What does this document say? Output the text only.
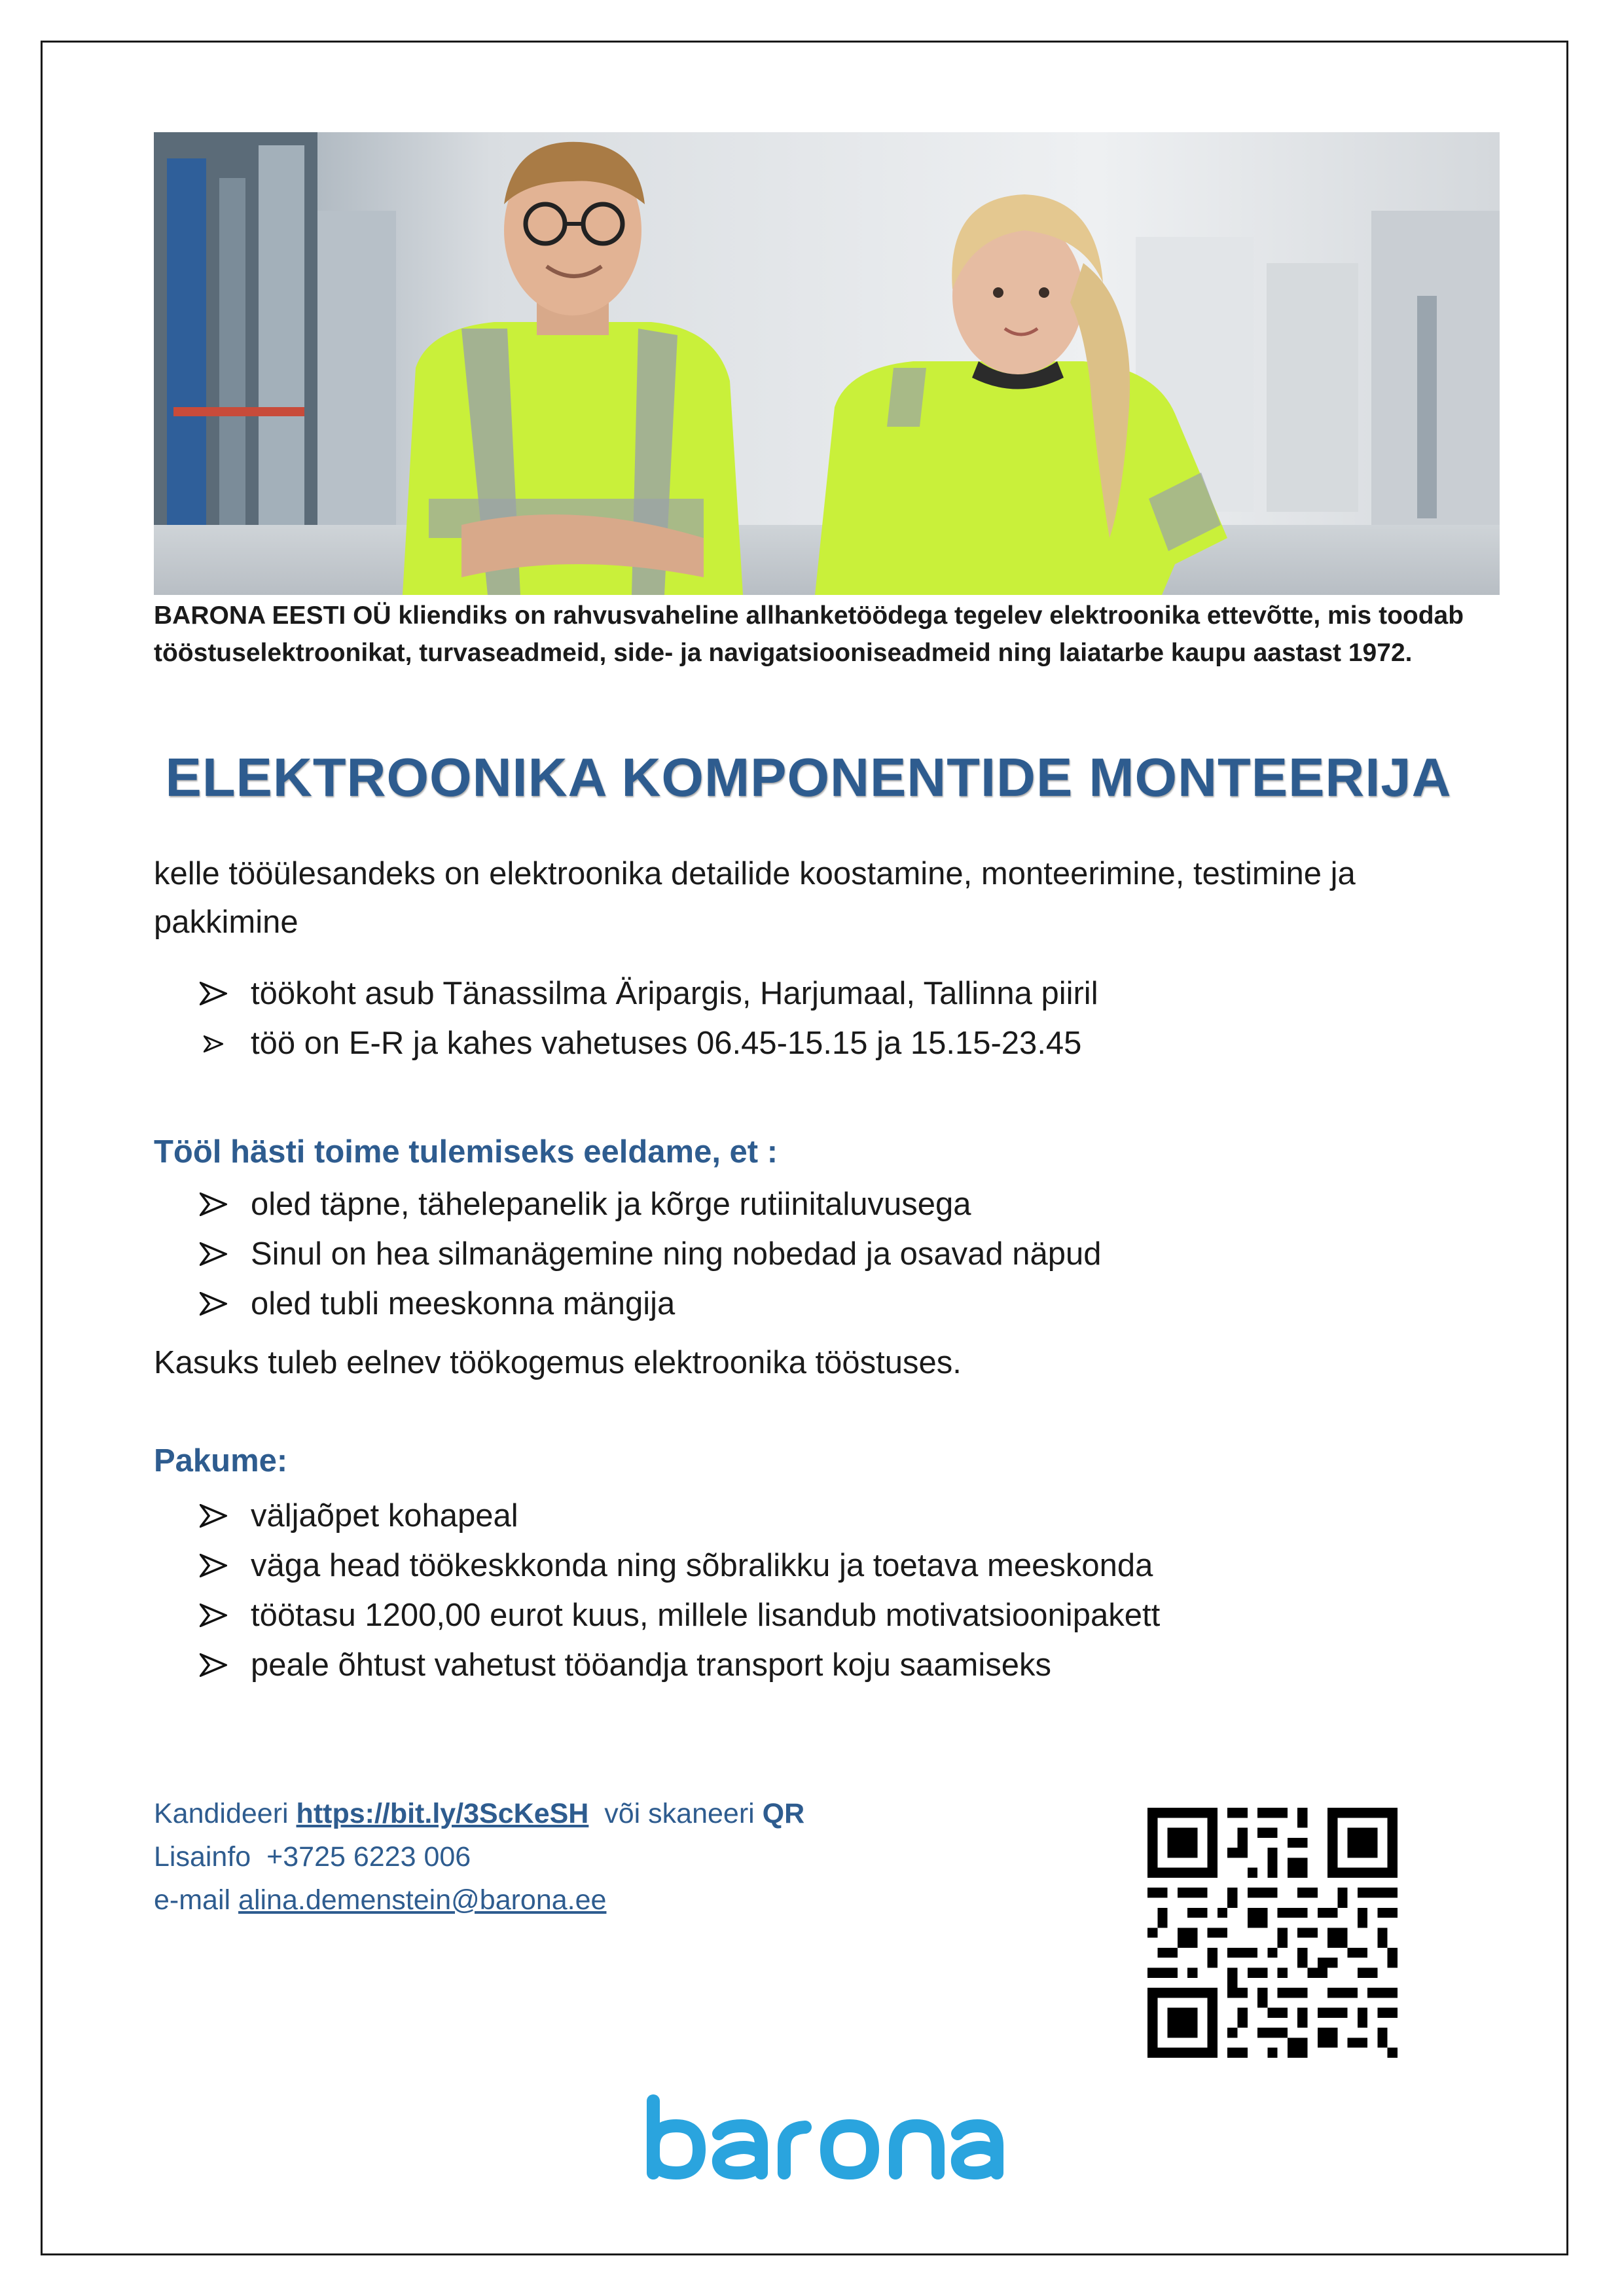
BARONA EESTI OÜ kliendiks on rahvusvaheline allhanketöödega tegelev elektroonika ettevõtte, mis toodab tööstuselektroonikat, turvaseadmeid, side- ja navigatsiooniseadmeid ning laiatarbe kaupu aastast 1972.
ELEKTROONIKA KOMPONENTIDE MONTEERIJA
kelle tööülesandeks on elektroonika detailide koostamine, monteerimine, testimine ja pakkimine
töökoht asub Tänassilma Äripargis, Harjumaal, Tallinna piiril
töö on E-R ja kahes vahetuses 06.45-15.15 ja 15.15-23.45
Tööl hästi toime tulemiseks eeldame, et :
oled täpne, tähelepanelik ja kõrge rutiinitaluvusega
Sinul on hea silmanägemine ning nobedad ja osavad näpud
oled tubli meeskonna mängija
Kasuks tuleb eelnev töökogemus elektroonika tööstuses.
Pakume:
väljaõpet kohapeal
väga head töökeskkonda ning sõbralikku ja toetava meeskonda
töötasu 1200,00 eurot kuus, millele lisandub motivatsioonipakett
peale õhtust vahetust tööandja transport koju saamiseks
Kandideeri https://bit.ly/3ScKeSH või skaneeri QR
Lisainfo +3725 6223 006
e-mail alina.demenstein@barona.ee
